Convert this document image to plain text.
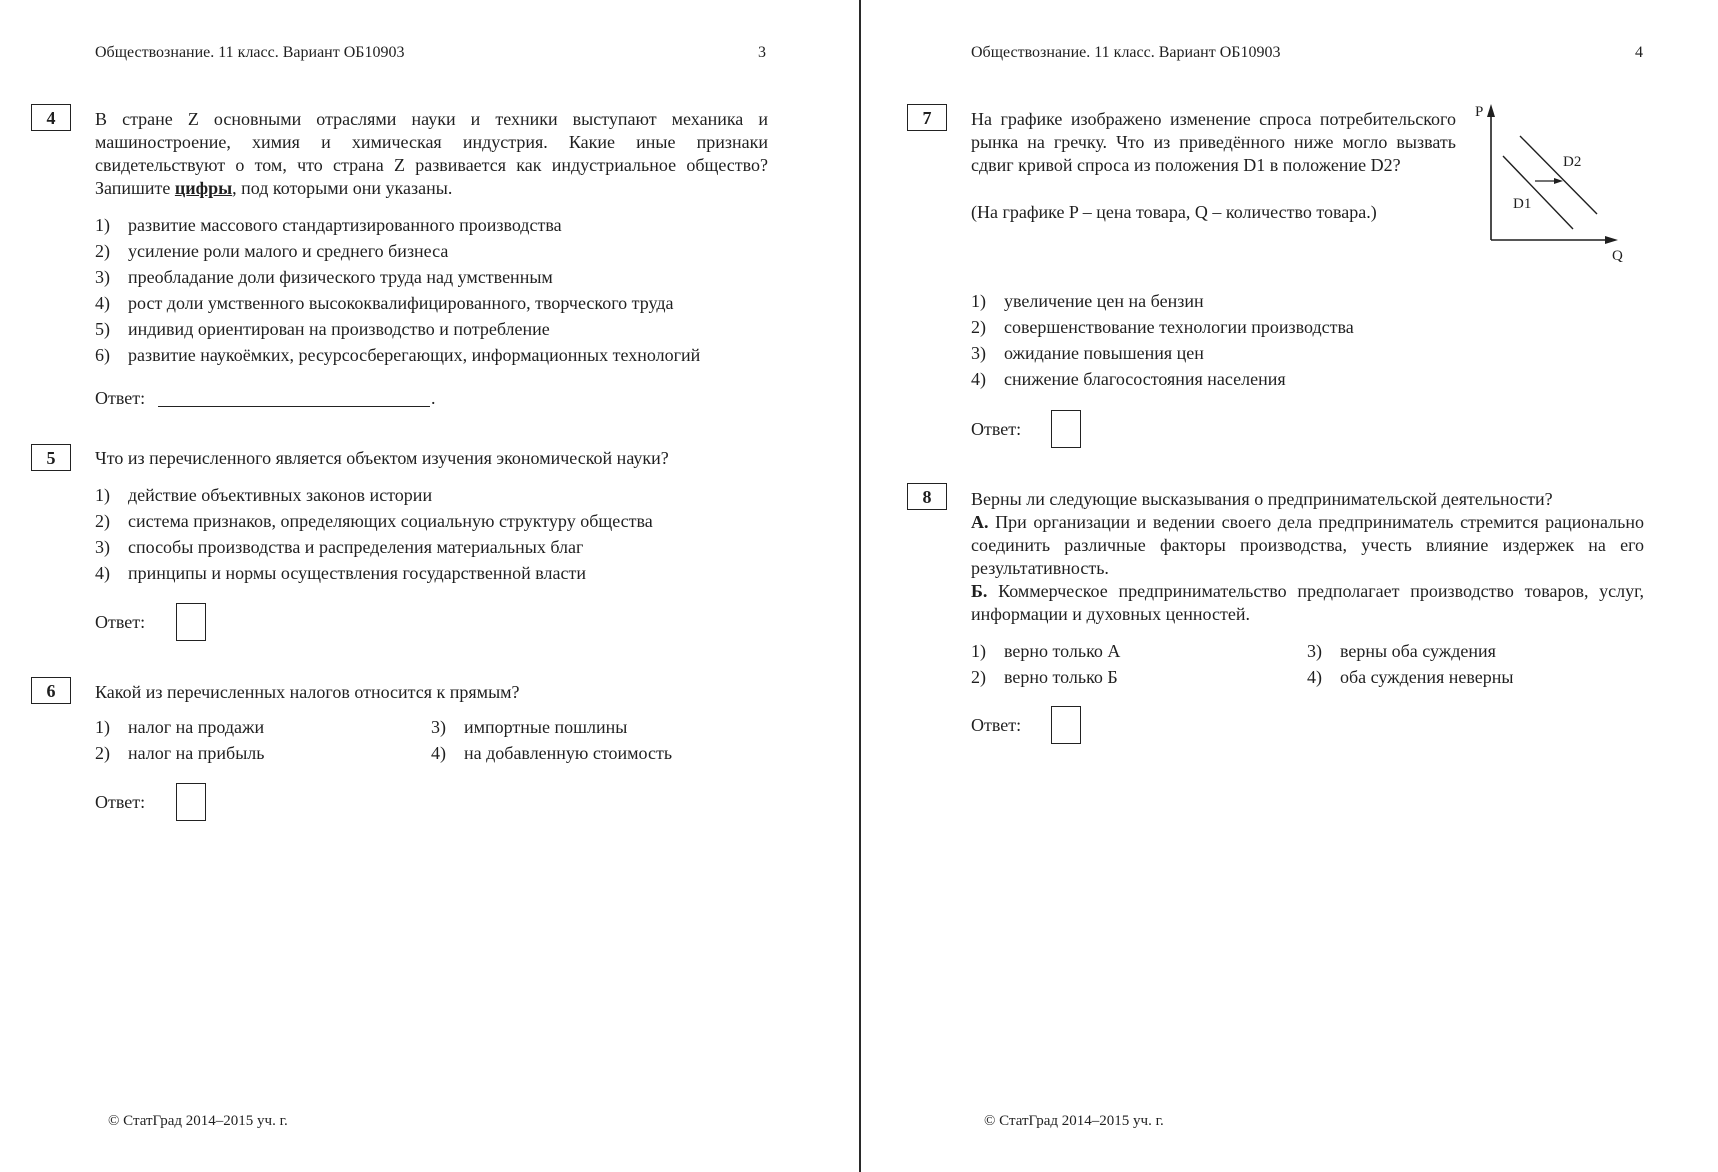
Обществознание. 11 класс. Вариант ОБ10903	3
4	В стране Z основными отраслями науки и техники выступают механика и машиностроение, химия и химическая индустрия. Какие иные признаки свидетельствуют о том, что страна Z развивается как индустриальное общество? Запишите цифры, под которыми они указаны.
1) развитие массового стандартизированного производства
2) усиление роли малого и среднего бизнеса
3) преобладание доли физического труда над умственным
4) рост доли умственного высококвалифицированного, творческого труда
5) индивид ориентирован на производство и потребление
6) развитие наукоёмких, ресурсосберегающих, информационных технологий
Ответ:	.
5	Что из перечисленного является объектом изучения экономической науки?
1) действие объективных законов истории
2) система признаков, определяющих социальную структуру общества
3) способы производства и распределения материальных благ
4) принципы и нормы осуществления государственной власти
Ответ:
6	Какой из перечисленных налогов относится к прямым?
1) налог на продажи
2) налог на прибыль
3) импортные пошлины
4) на добавленную стоимость
Ответ:
© СтатГрад 2014–2015 уч. г.
Обществознание. 11 класс. Вариант ОБ10903	4
7	На графике изображено изменение спроса потребительского рынка на гречку. Что из приведённого ниже могло вызвать сдвиг кривой спроса из положения D1 в положение D2?
(На графике P – цена товара, Q – количество товара.)
P
Q
D1
D2
1) увеличение цен на бензин
2) совершенствование технологии производства
3) ожидание повышения цен
4) снижение благосостояния населения
Ответ:
8	Верны ли следующие высказывания о предпринимательской деятельности?
А. При организации и ведении своего дела предприниматель стремится рационально соединить различные факторы производства, учесть влияние издержек на его результативность.
Б. Коммерческое предпринимательство предполагает производство товаров, услуг, информации и духовных ценностей.
1) верно только А
2) верно только Б
3) верны оба суждения
4) оба суждения неверны
Ответ:
© СтатГрад 2014–2015 уч. г.
